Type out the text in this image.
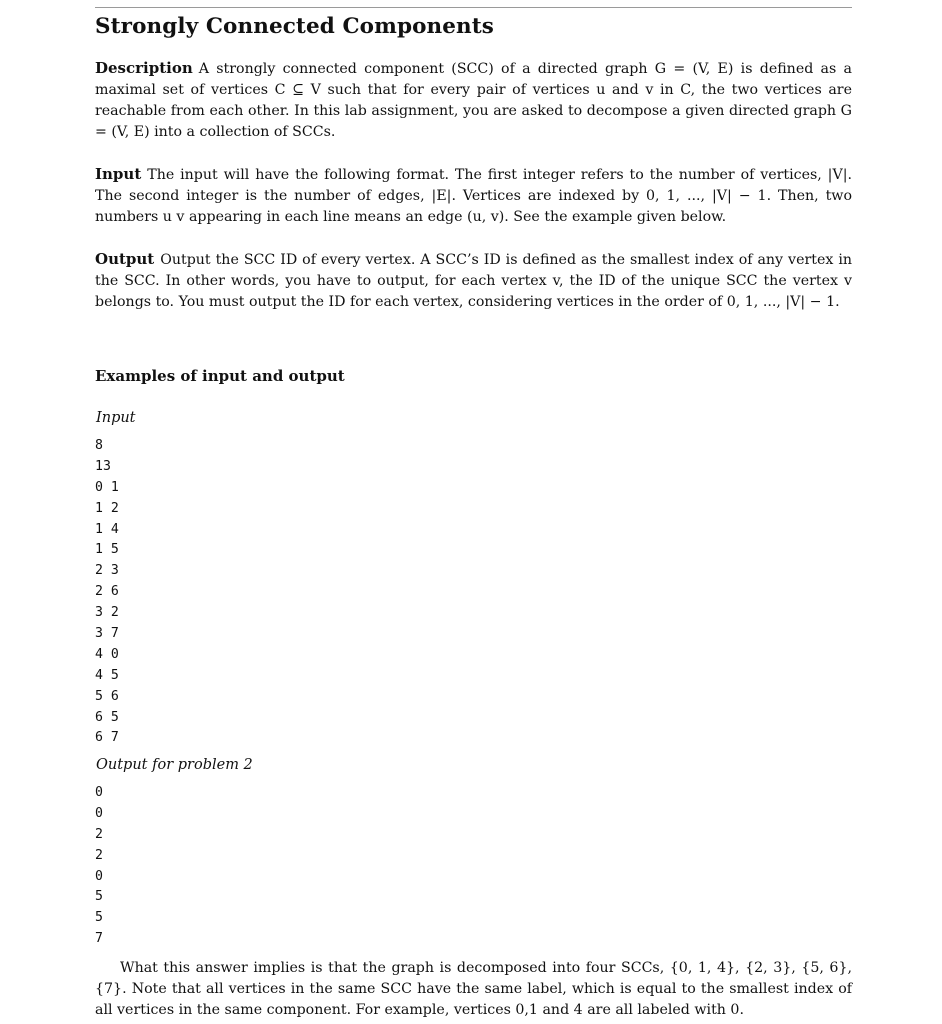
Strongly Connected Components

Description A strongly connected component (SCC) of a directed graph G = (V, E) is defined as a maximal set of vertices C ⊆ V such that for every pair of vertices u and v in C, the two vertices are reachable from each other. In this lab assignment, you are asked to decompose a given directed graph G = (V, E) into a collection of SCCs.

Input The input will have the following format. The first integer refers to the number of vertices, |V|. The second integer is the number of edges, |E|. Vertices are indexed by 0, 1, ..., |V| − 1. Then, two numbers u v appearing in each line means an edge (u, v). See the example given below.

Output Output the SCC ID of every vertex. A SCC’s ID is defined as the smallest index of any vertex in the SCC. In other words, you have to output, for each vertex v, the ID of the unique SCC the vertex v belongs to. You must output the ID for each vertex, considering vertices in the order of 0, 1, ..., |V| − 1.

Examples of input and output

Input

8
13
0 1
1 2
1 4
1 5
2 3
2 6
3 2
3 7
4 0
4 5
5 6
6 5
6 7

Output for problem 2

0
0
2
2
0
5
5
7

What this answer implies is that the graph is decomposed into four SCCs, {0, 1, 4}, {2, 3}, {5, 6}, {7}. Note that all vertices in the same SCC have the same label, which is equal to the smallest index of all vertices in the same component. For example, vertices 0,1 and 4 are all labeled with 0.
